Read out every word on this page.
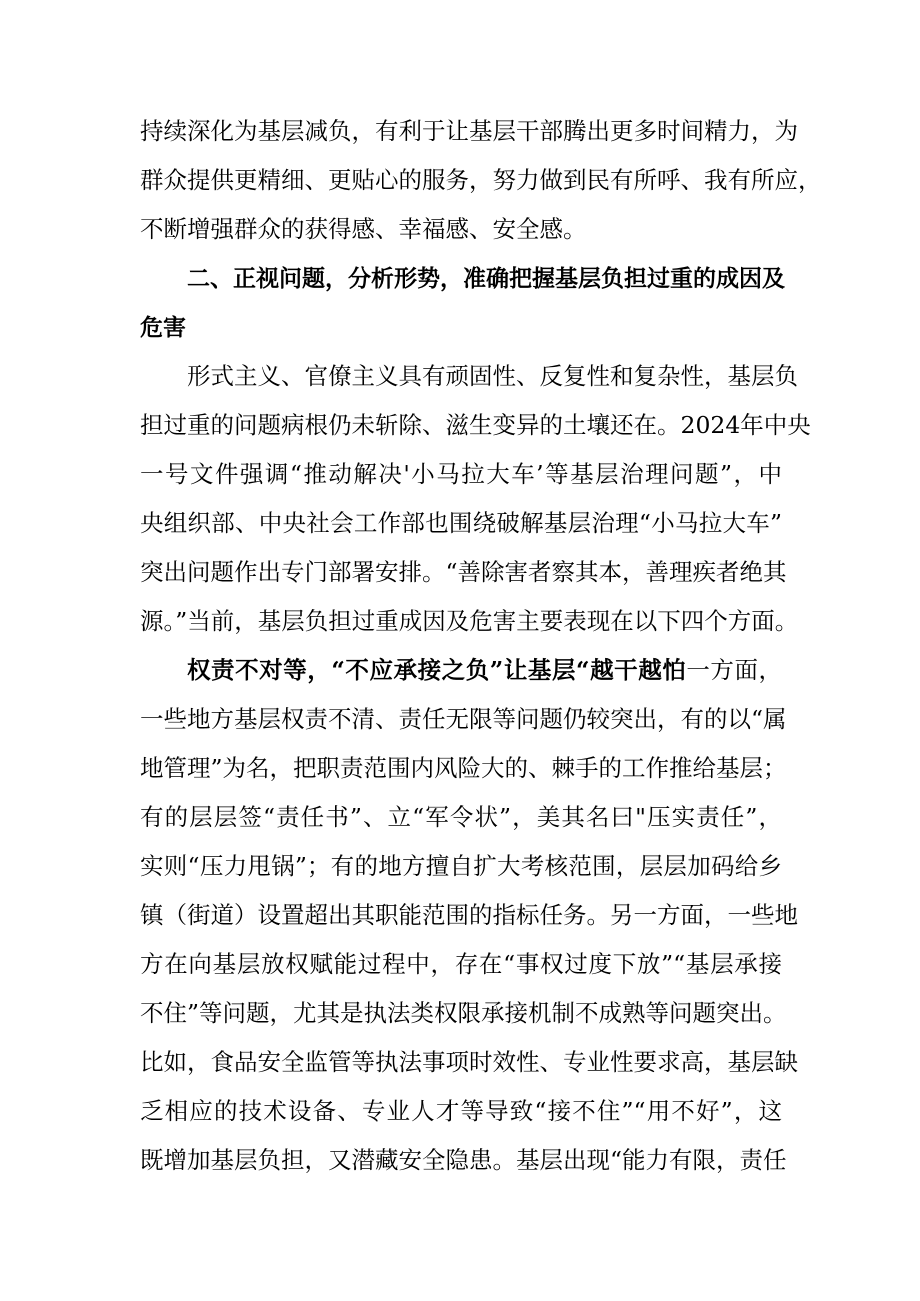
持续深化为基层减负，有利于让基层干部腾出更多时间精力，为
群众提供更精细、更贴心的服务，努力做到民有所呼、我有所应，
不断增强群众的获得感、幸福感、安全感。
二、正视问题，分析形势，准确把握基层负担过重的成因及
危害
形式主义、官僚主义具有顽固性、反复性和复杂性，基层负
担过重的问题病根仍未斩除、滋生变异的土壤还在。2024年中央
一号文件强调“推动解决'小马拉大车’等基层治理问题”，中
央组织部、中央社会工作部也围绕破解基层治理“小马拉大车”
突出问题作出专门部署安排。“善除害者察其本，善理疾者绝其
源。”当前，基层负担过重成因及危害主要表现在以下四个方面。
权责不对等，“不应承接之负”让基层“越干越怕一方面，
一些地方基层权责不清、责任无限等问题仍较突出，有的以“属
地管理”为名，把职责范围内风险大的、棘手的工作推给基层；
有的层层签“责任书”、立“军令状”，美其名曰"压实责任”，
实则“压力甩锅”；有的地方擅自扩大考核范围，层层加码给乡
镇（街道）设置超出其职能范围的指标任务。另一方面，一些地
方在向基层放权赋能过程中，存在“事权过度下放”“基层承接
不住”等问题，尤其是执法类权限承接机制不成熟等问题突出。
比如，食品安全监管等执法事项时效性、专业性要求高，基层缺
乏相应的技术设备、专业人才等导致“接不住”“用不好”，这
既增加基层负担，又潜藏安全隐患。基层出现“能力有限，责任
